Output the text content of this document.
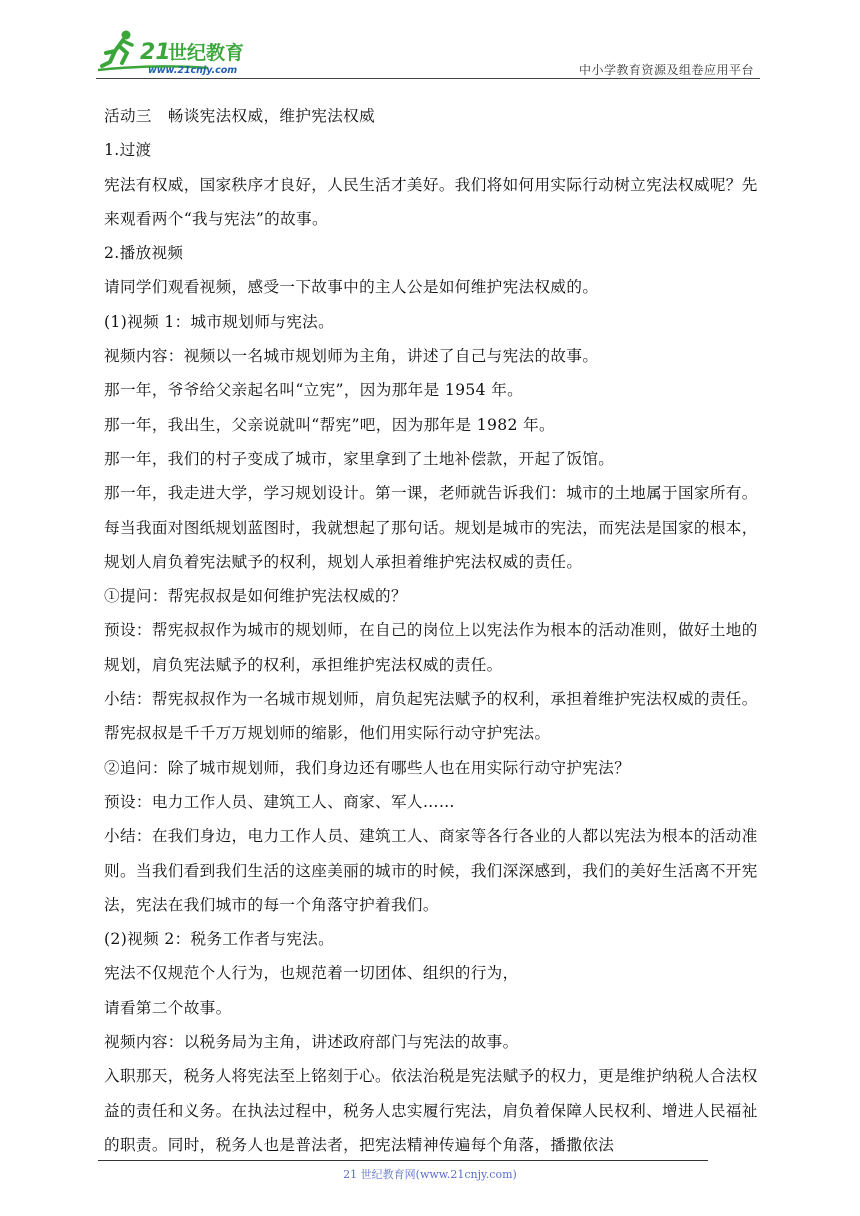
21
世纪教育
www.21cnjy.com	中小学教育资源及组卷应用平台

活动三　畅谈宪法权威，维护宪法权威

1.过渡

宪法有权威，国家秩序才良好，人民生活才美好。我们将如何用实际行动树立宪法权威呢？先来观看两个“我与宪法”的故事。

2.播放视频

请同学们观看视频，感受一下故事中的主人公是如何维护宪法权威的。

(1)视频 1：城市规划师与宪法。

视频内容：视频以一名城市规划师为主角，讲述了自己与宪法的故事。

那一年，爷爷给父亲起名叫“立宪”，因为那年是 1954 年。

那一年，我出生，父亲说就叫“帮宪”吧，因为那年是 1982 年。

那一年，我们的村子变成了城市，家里拿到了土地补偿款，开起了饭馆。

那一年，我走进大学，学习规划设计。第一课，老师就告诉我们：城市的土地属于国家所有。每当我面对图纸规划蓝图时，我就想起了那句话。规划是城市的宪法，而宪法是国家的根本，规划人肩负着宪法赋予的权利，规划人承担着维护宪法权威的责任。

①提问：帮宪叔叔是如何维护宪法权威的？

预设：帮宪叔叔作为城市的规划师，在自己的岗位上以宪法作为根本的活动准则，做好土地的规划，肩负宪法赋予的权利，承担维护宪法权威的责任。

小结：帮宪叔叔作为一名城市规划师，肩负起宪法赋予的权利，承担着维护宪法权威的责任。帮宪叔叔是千千万万规划师的缩影，他们用实际行动守护宪法。

②追问：除了城市规划师，我们身边还有哪些人也在用实际行动守护宪法？

预设：电力工作人员、建筑工人、商家、军人……

小结：在我们身边，电力工作人员、建筑工人、商家等各行各业的人都以宪法为根本的活动准则。当我们看到我们生活的这座美丽的城市的时候，我们深深感到，我们的美好生活离不开宪法，宪法在我们城市的每一个角落守护着我们。

(2)视频 2：税务工作者与宪法。

宪法不仅规范个人行为，也规范着一切团体、组织的行为，

请看第二个故事。

视频内容：以税务局为主角，讲述政府部门与宪法的故事。

入职那天，税务人将宪法至上铭刻于心。依法治税是宪法赋予的权力，更是维护纳税人合法权益的责任和义务。在执法过程中，税务人忠实履行宪法，肩负着保障人民权利、增进人民福祉的职责。同时，税务人也是普法者，把宪法精神传遍每个角落，播撒依法

21 世纪教育网(www.21cnjy.com)
